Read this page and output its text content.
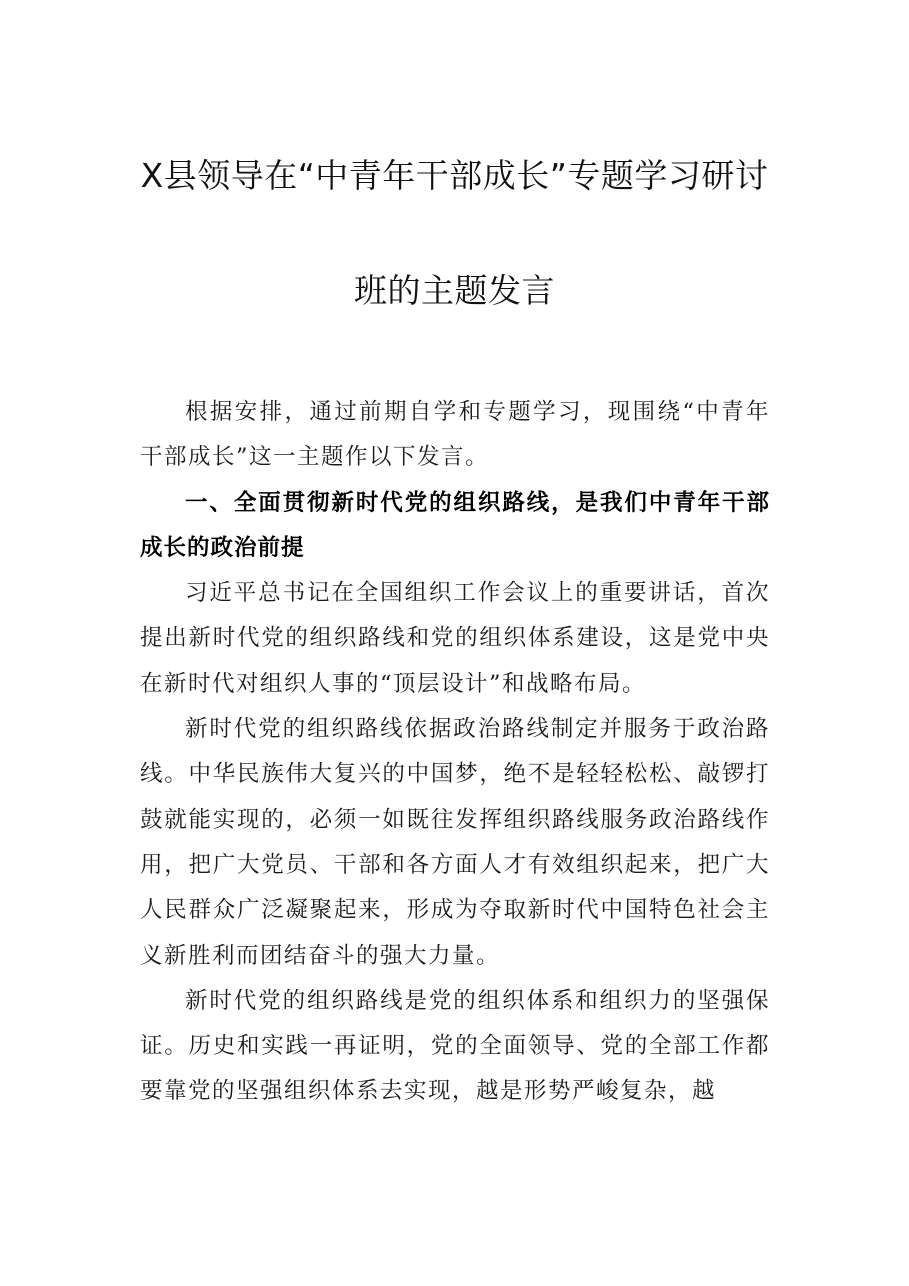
X县领导在“中青年干部成长”专题学习研讨
班的主题发言

根据安排，通过前期自学和专题学习，现围绕“中青年干部成长”这一主题作以下发言。

一、全面贯彻新时代党的组织路线，是我们中青年干部成长的政治前提

习近平总书记在全国组织工作会议上的重要讲话，首次提出新时代党的组织路线和党的组织体系建设，这是党中央在新时代对组织人事的“顶层设计”和战略布局。

新时代党的组织路线依据政治路线制定并服务于政治路线。中华民族伟大复兴的中国梦，绝不是轻轻松松、敲锣打鼓就能实现的，必须一如既往发挥组织路线服务政治路线作用，把广大党员、干部和各方面人才有效组织起来，把广大人民群众广泛凝聚起来，形成为夺取新时代中国特色社会主义新胜利而团结奋斗的强大力量。

新时代党的组织路线是党的组织体系和组织力的坚强保证。历史和实践一再证明，党的全面领导、党的全部工作都要靠党的坚强组织体系去实现，越是形势严峻复杂，越
